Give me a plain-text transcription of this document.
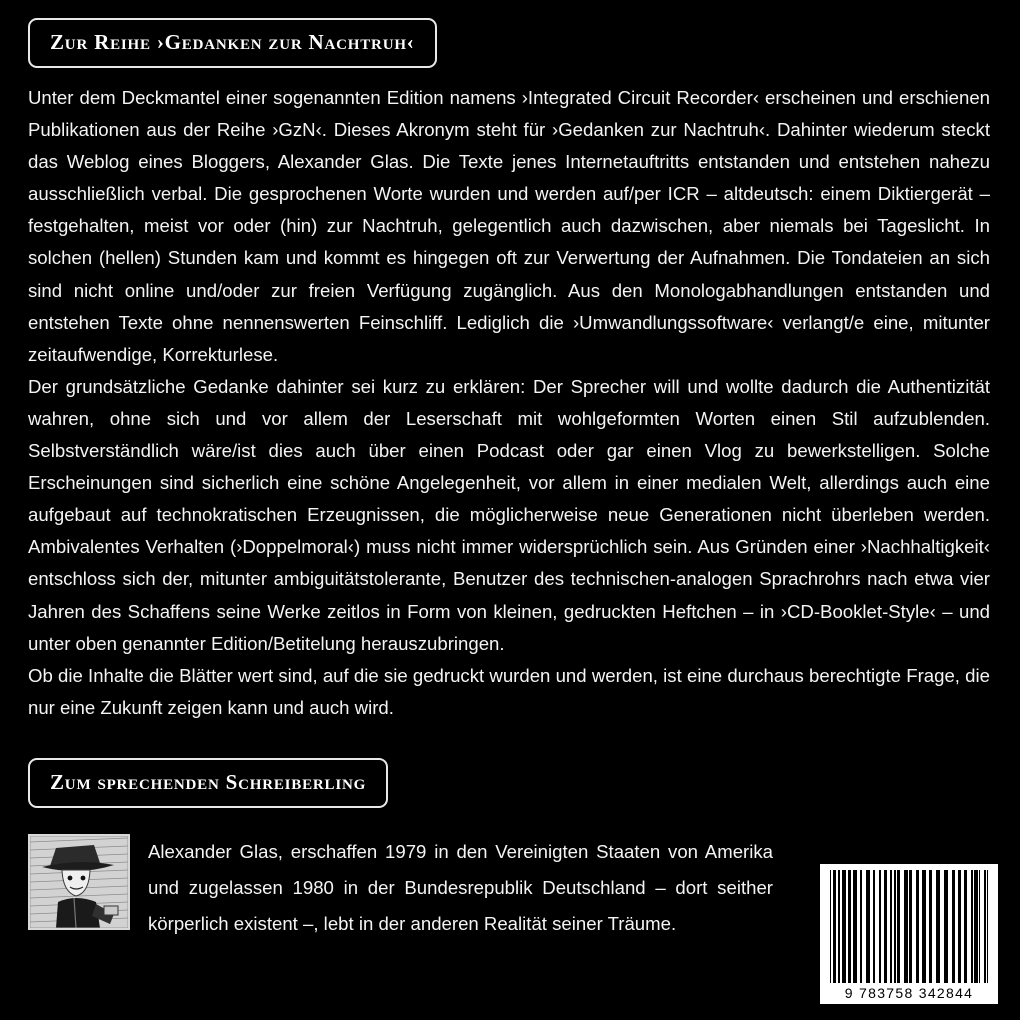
Zur Reihe ›Gedanken zur Nachtruh‹

Unter dem Deckmantel einer sogenannten Edition namens ›Integrated Circuit Recorder‹ erscheinen und erschienen Publikationen aus der Reihe ›GzN‹. Dieses Akronym steht für ›Gedanken zur Nachtruh‹. Dahinter wiederum steckt das Weblog eines Bloggers, Alexander Glas. Die Texte jenes Internetauftritts entstanden und entstehen nahezu ausschließlich verbal. Die gesprochenen Worte wurden und werden auf/per ICR – altdeutsch: einem Diktiergerät – festgehalten, meist vor oder (hin) zur Nachtruh, gelegentlich auch dazwischen, aber niemals bei Tageslicht. In solchen (hellen) Stunden kam und kommt es hingegen oft zur Verwertung der Aufnahmen. Die Tondateien an sich sind nicht online und/oder zur freien Verfügung zugänglich. Aus den Monologabhandlungen entstanden und entstehen Texte ohne nennenswerten Feinschliff. Lediglich die ›Umwandlungssoftware‹ verlangt/e eine, mitunter zeitaufwendige, Korrekturlese.

Der grundsätzliche Gedanke dahinter sei kurz zu erklären: Der Sprecher will und wollte dadurch die Authentizität wahren, ohne sich und vor allem der Leserschaft mit wohlgeformten Worten einen Stil aufzublenden. Selbstverständlich wäre/ist dies auch über einen Podcast oder gar einen Vlog zu bewerkstelligen. Solche Erscheinungen sind sicherlich eine schöne Angelegenheit, vor allem in einer medialen Welt, allerdings auch eine aufgebaut auf technokratischen Erzeugnissen, die möglicherweise neue Generationen nicht überleben werden. Ambivalentes Verhalten (›Doppelmoral‹) muss nicht immer widersprüchlich sein. Aus Gründen einer ›Nachhaltigkeit‹ entschloss sich der, mitunter ambiguitätstolerante, Benutzer des technischen-analogen Sprachrohrs nach etwa vier Jahren des Schaffens seine Werke zeitlos in Form von kleinen, gedruckten Heftchen – in ›CD-Booklet-Style‹ – und unter oben genannter Edition/Betitelung herauszubringen.

Ob die Inhalte die Blätter wert sind, auf die sie gedruckt wurden und werden, ist eine durchaus berechtigte Frage, die nur eine Zukunft zeigen kann und auch wird.

Zum sprechenden Schreiberling

Alexander Glas, erschaffen 1979 in den Vereinigten Staaten von Amerika und zugelassen 1980 in der Bundesrepublik Deutschland – dort seither körperlich existent –, lebt in der anderen Realität seiner Träume.

9 783758 342844
